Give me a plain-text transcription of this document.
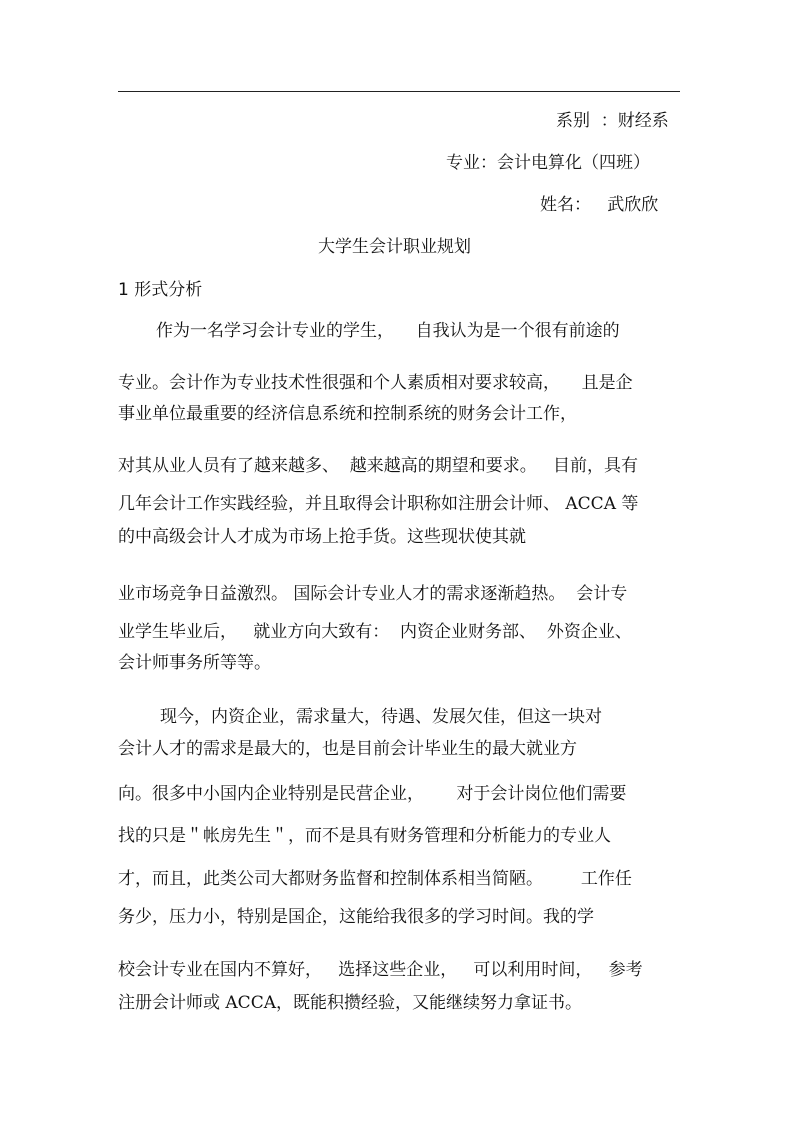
系别  ：财经系
专业：会计电算化（四班）
姓名：   武欣欣
大学生会计职业规划
1 形式分析
作为一名学习会计专业的学生，    自我认为是一个很有前途的
专业。会计作为专业技术性很强和个人素质相对要求较高，    且是企
事业单位最重要的经济信息系统和控制系统的财务会计工作，
对其从业人员有了越来越多、  越来越高的期望和要求。   目前，具有
几年会计工作实践经验，并且取得会计职称如注册会计师、 ACCA 等
的中高级会计人才成为市场上抢手货。这些现状使其就
业市场竞争日益激烈。 国际会计专业人才的需求逐渐趋热。  会计专
业学生毕业后，   就业方向大致有：  内资企业财务部、  外资企业、
会计师事务所等等。
现今，内资企业，需求量大，待遇、发展欠佳，但这一块对
会计人才的需求是最大的，也是目前会计毕业生的最大就业方
向。很多中小国内企业特别是民营企业，      对于会计岗位他们需要
找的只是＂帐房先生＂，而不是具有财务管理和分析能力的专业人
才，而且，此类公司大都财务监督和控制体系相当简陋。       工作任
务少，压力小，特别是国企，这能给我很多的学习时间。我的学
校会计专业在国内不算好，   选择这些企业，   可以利用时间，   参考
注册会计师或 ACCA，既能积攒经验，又能继续努力拿证书。
